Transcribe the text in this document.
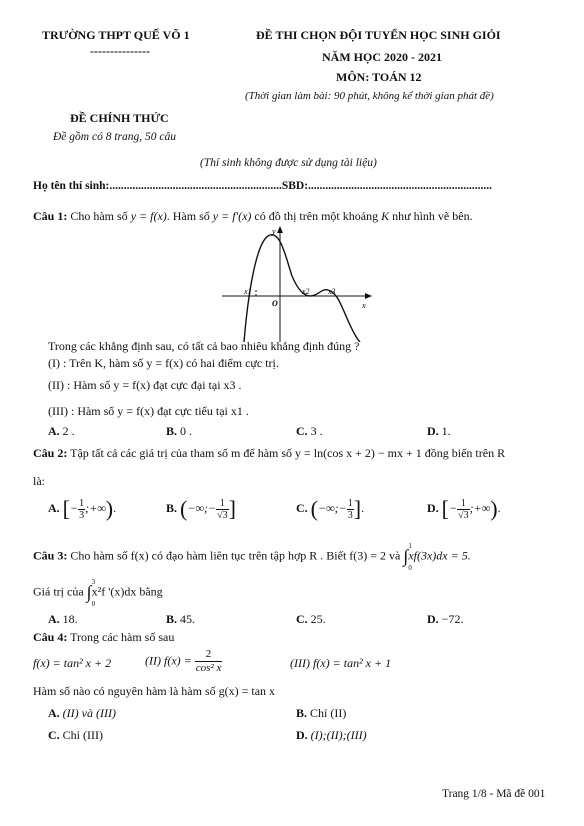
TRƯỜNG THPT QUẾ VÕ 1
---------------
ĐỀ THI CHỌN ĐỘI TUYỂN HỌC SINH GIỎI
NĂM HỌC 2020 - 2021
MÔN: TOÁN 12
(Thời gian làm bài: 90 phút, không kể thời gian phát đề)
ĐỀ CHÍNH THỨC
Đề gồm có 8 trang, 50 câu
(Thí sinh không được sử dụng tài liệu)
Họ tên thí sinh:............................................................SBD:................................................................
Câu 1: Cho hàm số y = f(x). Hàm số y = f'(x) có đồ thị trên một khoảng K như hình vẽ bên.
x1
O
x2 x3
y
x
Trong các khẳng định sau, có tất cả bao nhiêu khẳng định đúng ?
(I) : Trên K, hàm số y = f(x) có hai điểm cực trị.
(II) : Hàm số y = f(x) đạt cực đại tại x3 .
(III) : Hàm số y = f(x) đạt cực tiểu tại x1 .
A. 2 .	B. 0 .	C. 3 .	D. 1.
Câu 2: Tập tất cả các giá trị của tham số m để hàm số y = ln(cos x + 2) − mx + 1 đồng biến trên R
là:
A. [− $\frac{1}{3}$ ;+∞).	B. (−∞;− $\frac{1}{√3}$ ]	C. (−∞;− $\frac{1}{3}$ ].	D. [− $\frac{1}{√3}$ ;+∞).
Câu 3: Cho hàm số f(x) có đạo hàm liên tục trên tập hợp R . Biết f(3) = 2 và ∫ 1
0
xf(3x)dx = 5.
Giá trị của ∫ 3
0
x²f '(x)dx bằng
A. 18.	B. 45.	C. 25.	D. −72.
Câu 4: Trong các hàm số sau
f(x) = tan² x + 2	(II) $f(x) = \frac{2}{\text{cos² x}}$	(III) f(x) = tan² x + 1
Hàm số nào có nguyên hàm là hàm số g(x) = tan x
A. (II) và (III)	B. Chỉ (II)
C. Chỉ (III)	D. (I);(II);(III)
Trang 1/8 - Mã đề 001
